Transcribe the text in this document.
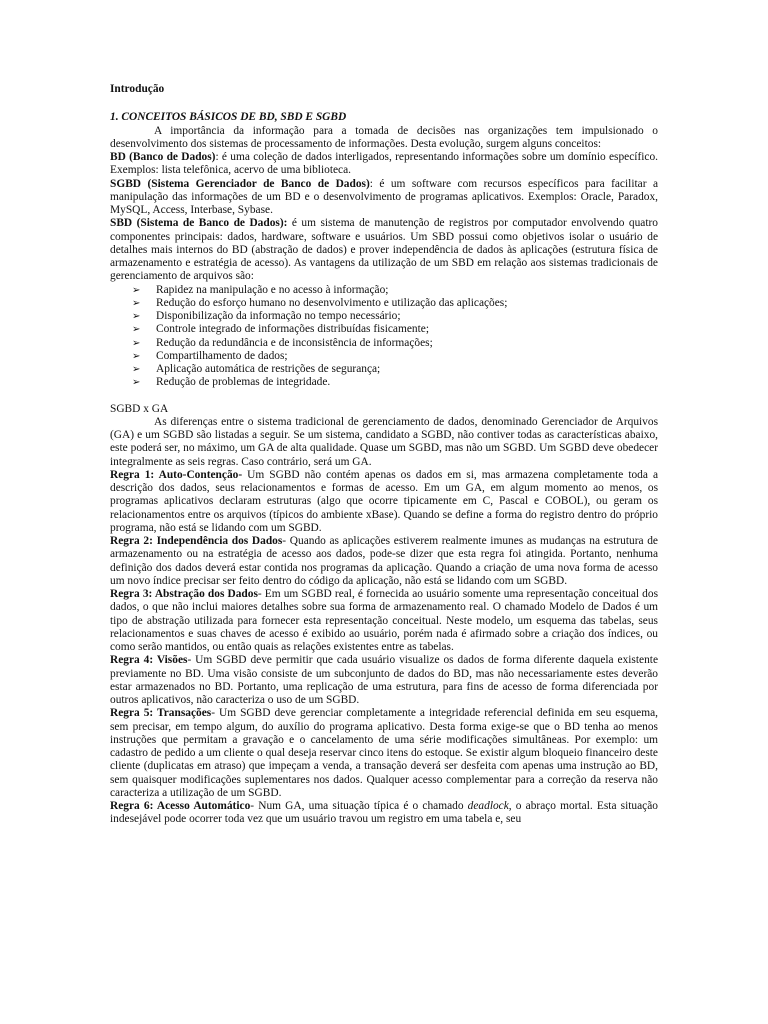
Introdução

1. CONCEITOS BÁSICOS DE BD, SBD E SGBD

A importância da informação para a tomada de decisões nas organizações tem impulsionado o desenvolvimento dos sistemas de processamento de informações. Desta evolução, surgem alguns conceitos:

BD (Banco de Dados): é uma coleção de dados interligados, representando informações sobre um domínio específico. Exemplos: lista telefônica, acervo de uma biblioteca.

SGBD (Sistema Gerenciador de Banco de Dados): é um software com recursos específicos para facilitar a manipulação das informações de um BD e o desenvolvimento de programas aplicativos. Exemplos: Oracle, Paradox, MySQL, Access, Interbase, Sybase.

SBD (Sistema de Banco de Dados): é um sistema de manutenção de registros por computador envolvendo quatro componentes principais: dados, hardware, software e usuários. Um SBD possui como objetivos isolar o usuário de detalhes mais internos do BD (abstração de dados) e prover independência de dados às aplicações (estrutura física de armazenamento e estratégia de acesso). As vantagens da utilização de um SBD em relação aos sistemas tradicionais de gerenciamento de arquivos são:

➢ Rapidez na manipulação e no acesso à informação;
➢ Redução do esforço humano no desenvolvimento e utilização das aplicações;
➢ Disponibilização da informação no tempo necessário;
➢ Controle integrado de informações distribuídas fisicamente;
➢ Redução da redundância e de inconsistência de informações;
➢ Compartilhamento de dados;
➢ Aplicação automática de restrições de segurança;
➢ Redução de problemas de integridade.

SGBD x GA

As diferenças entre o sistema tradicional de gerenciamento de dados, denominado Gerenciador de Arquivos (GA) e um SGBD são listadas a seguir. Se um sistema, candidato a SGBD, não contiver todas as características abaixo, este poderá ser, no máximo, um GA de alta qualidade. Quase um SGBD, mas não um SGBD. Um SGBD deve obedecer integralmente as seis regras. Caso contrário, será um GA.

Regra 1: Auto-Contenção- Um SGBD não contém apenas os dados em si, mas armazena completamente toda a descrição dos dados, seus relacionamentos e formas de acesso. Em um GA, em algum momento ao menos, os programas aplicativos declaram estruturas (algo que ocorre tipicamente em C, Pascal e COBOL), ou geram os relacionamentos entre os arquivos (típicos do ambiente xBase). Quando se define a forma do registro dentro do próprio programa, não está se lidando com um SGBD.

Regra 2: Independência dos Dados- Quando as aplicações estiverem realmente imunes as mudanças na estrutura de armazenamento ou na estratégia de acesso aos dados, pode-se dizer que esta regra foi atingida. Portanto, nenhuma definição dos dados deverá estar contida nos programas da aplicação. Quando a criação de uma nova forma de acesso um novo índice precisar ser feito dentro do código da aplicação, não está se lidando com um SGBD.

Regra 3: Abstração dos Dados- Em um SGBD real, é fornecida ao usuário somente uma representação conceitual dos dados, o que não inclui maiores detalhes sobre sua forma de armazenamento real. O chamado Modelo de Dados é um tipo de abstração utilizada para fornecer esta representação conceitual. Neste modelo, um esquema das tabelas, seus relacionamentos e suas chaves de acesso é exibido ao usuário, porém nada é afirmado sobre a criação dos índices, ou como serão mantidos, ou então quais as relações existentes entre as tabelas.

Regra 4: Visões- Um SGBD deve permitir que cada usuário visualize os dados de forma diferente daquela existente previamente no BD. Uma visão consiste de um subconjunto de dados do BD, mas não necessariamente estes deverão estar armazenados no BD. Portanto, uma replicação de uma estrutura, para fins de acesso de forma diferenciada por outros aplicativos, não caracteriza o uso de um SGBD.

Regra 5: Transações- Um SGBD deve gerenciar completamente a integridade referencial definida em seu esquema, sem precisar, em tempo algum, do auxílio do programa aplicativo. Desta forma exige-se que o BD tenha ao menos instruções que permitam a gravação e o cancelamento de uma série modificações simultâneas. Por exemplo: um cadastro de pedido a um cliente o qual deseja reservar cinco itens do estoque. Se existir algum bloqueio financeiro deste cliente (duplicatas em atraso) que impeçam a venda, a transação deverá ser desfeita com apenas uma instrução ao BD, sem quaisquer modificações suplementares nos dados. Qualquer acesso complementar para a correção da reserva não caracteriza a utilização de um SGBD.

Regra 6: Acesso Automático- Num GA, uma situação típica é o chamado deadlock, o abraço mortal. Esta situação indesejável pode ocorrer toda vez que um usuário travou um registro em uma tabela e, seu
